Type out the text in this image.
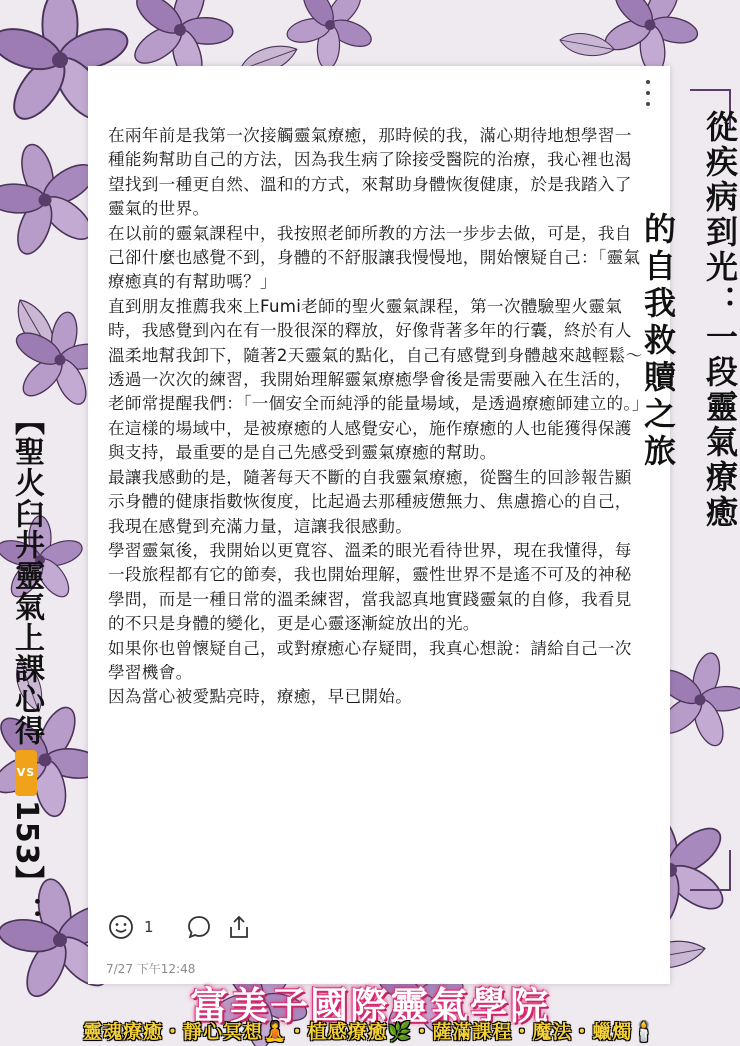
在兩年前是我第一次接觸靈氣療癒，那時候的我，滿心期待地想學習一種能夠幫助自己的方法，因為我生病了除接受醫院的治療，我心裡也渴望找到一種更自然、溫和的方式，來幫助身體恢復健康，於是我踏入了靈氣的世界。

在以前的靈氣課程中，我按照老師所教的方法一步步去做，可是，我自己卻什麼也感覺不到，身體的不舒服讓我慢慢地，開始懷疑自己：「靈氣療癒真的有幫助嗎？」

直到朋友推薦我來上Fumi老師的聖火靈氣課程，第一次體驗聖火靈氣時，我感覺到內在有一股很深的釋放，好像背著多年的行囊，終於有人溫柔地幫我卸下，隨著2天靈氣的點化，自己有感覺到身體越來越輕鬆～

透過一次次的練習，我開始理解靈氣療癒學會後是需要融入在生活的，老師常提醒我們：「一個安全而純淨的能量場域，是透過療癒師建立的。」在這樣的場域中，是被療癒的人感覺安心，施作療癒的人也能獲得保護與支持，最重要的是自己先感受到靈氣療癒的幫助。

最讓我感動的是，隨著每天不斷的自我靈氣療癒，從醫生的回診報告顯示身體的健康指數恢復度，比起過去那種疲憊無力、焦慮擔心的自己，我現在感覺到充滿力量，這讓我很感動。

學習靈氣後，我開始以更寬容、溫柔的眼光看待世界，現在我懂得，每一段旅程都有它的節奏，我也開始理解，靈性世界不是遙不可及的神秘學問，而是一種日常的溫柔練習，當我認真地實踐靈氣的自修，我看見的不只是身體的變化，更是心靈逐漸綻放出的光。

如果你也曾懷疑自己，或對療癒心存疑問，我真心想說：請給自己一次學習機會。

因為當心被愛點亮時，療癒，早已開始。

1
7/27 下午12:48
從疾病到光：一段靈氣療癒
的自我救贖之旅
【聖火臼井靈氣上課心得VS153】：
富美子國際靈氣學院
靈魂療癒・靜心冥想🧘・植感療癒🌿・薩滿課程・魔法・蠟燭🕯️
